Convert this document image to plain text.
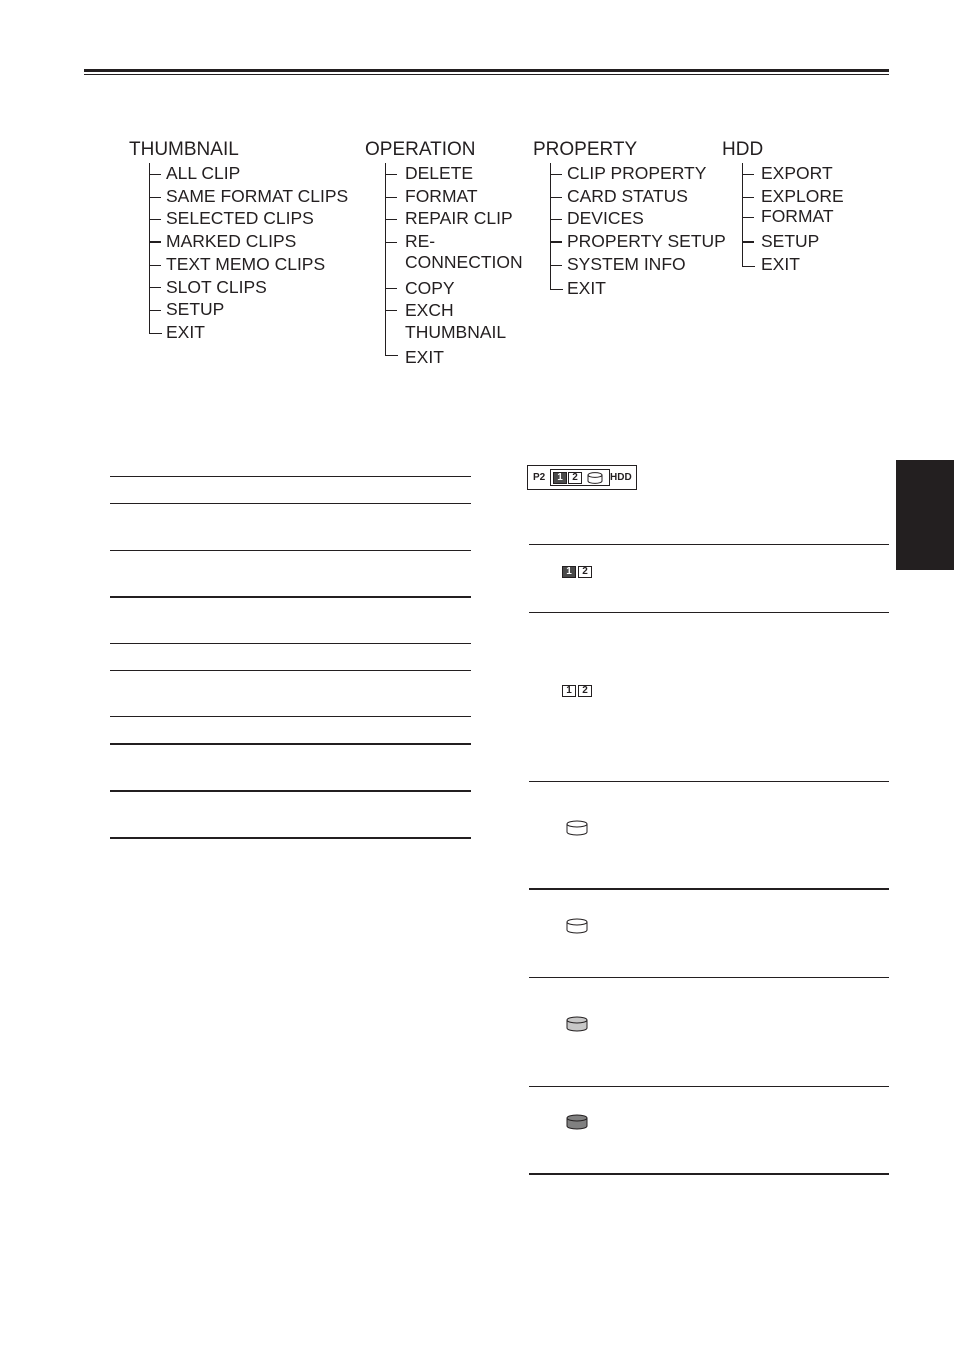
THUMBNAIL
ALL CLIP
SAME FORMAT CLIPS
SELECTED CLIPS
MARKED CLIPS
TEXT MEMO CLIPS
SLOT CLIPS
SETUP
EXIT
OPERATION
DELETE
FORMAT
REPAIR CLIP
RE-
CONNECTION
COPY
EXCH
THUMBNAIL
EXIT
PROPERTY
CLIP PROPERTY
CARD STATUS
DEVICES
PROPERTY SETUP
SYSTEM INFO
EXIT
HDD
EXPORT
EXPLORE
FORMAT
SETUP
EXIT
P2	1 2	HDD
1	2
1	2
